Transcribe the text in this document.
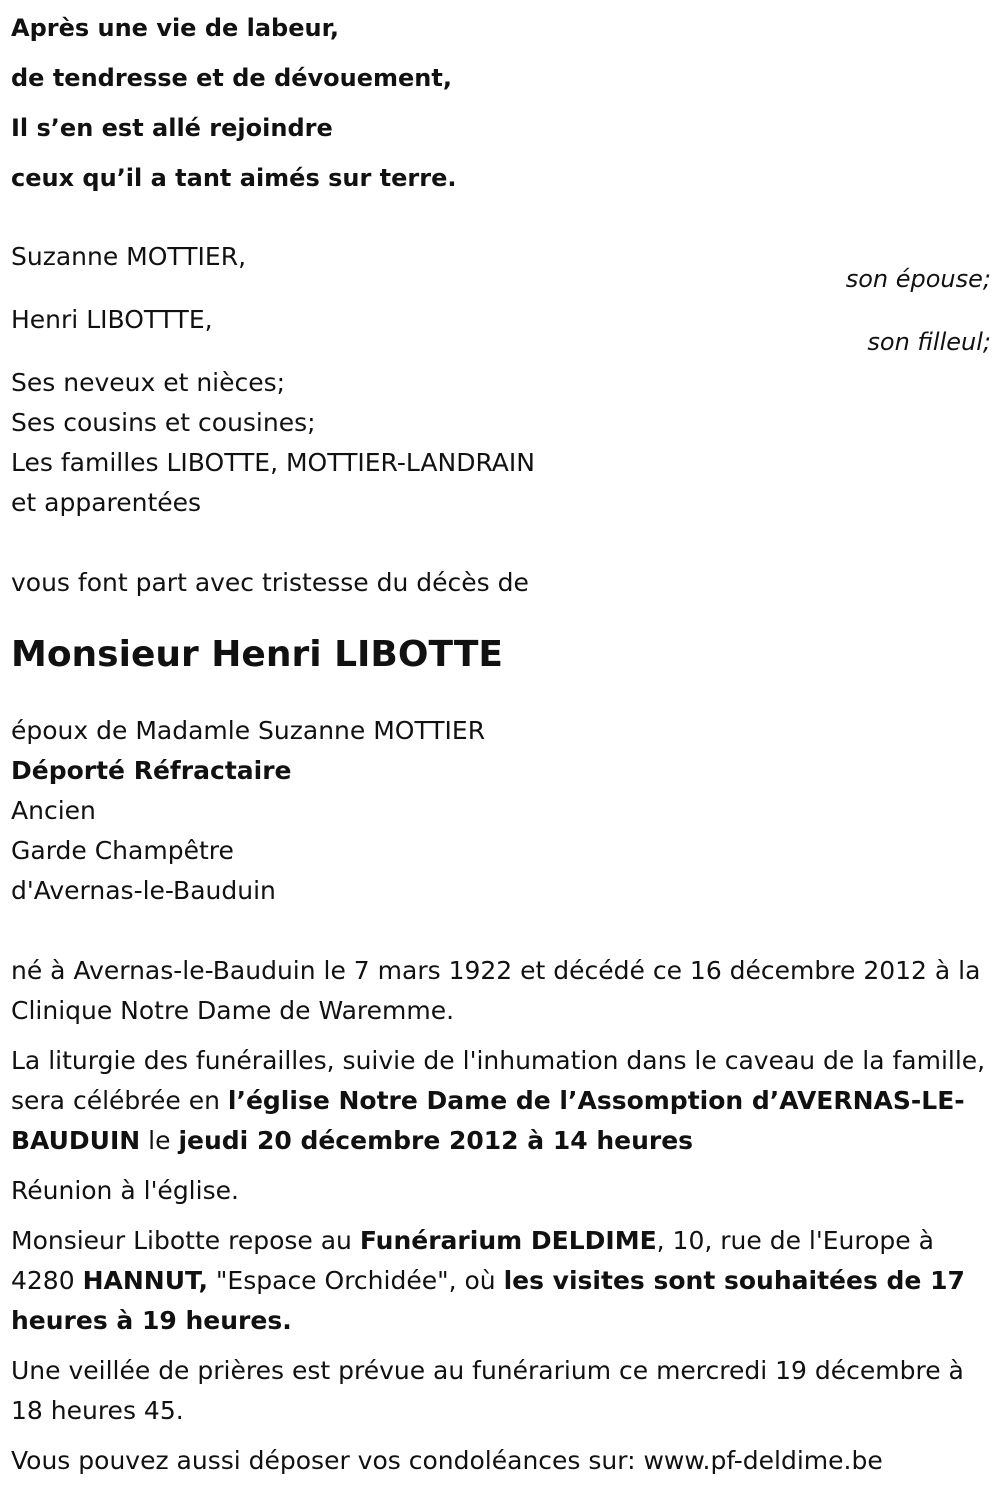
Après une vie de labeur,
de tendresse et de dévouement,
Il s’en est allé rejoindre
ceux qu’il a tant aimés sur terre.
Suzanne MOTTIER,
son épouse;
Henri LIBOTTTE,
son filleul;
Ses neveux et nièces;
Ses cousins et cousines;
Les familles LIBOTTE, MOTTIER-LANDRAIN
et apparentées
vous font part avec tristesse du décès de
Monsieur Henri LIBOTTE
époux de Madamle Suzanne MOTTIER
Déporté Réfractaire
Ancien
Garde Champêtre
d'Avernas-le-Bauduin
né à Avernas-le-Bauduin le 7 mars 1922 et décédé ce 16 décembre 2012 à la Clinique Notre Dame de Waremme.
La liturgie des funérailles, suivie de l'inhumation dans le caveau de la famille, sera célébrée en l’église Notre Dame de l’Assomption d’AVERNAS-LE-BAUDUIN le jeudi 20 décembre 2012 à 14 heures
Réunion à l'église.
Monsieur Libotte repose au Funérarium DELDIME, 10, rue de l'Europe à 4280 HANNUT, "Espace Orchidée", où les visites sont souhaitées de 17 heures à 19 heures.
Une veillée de prières est prévue au funérarium ce mercredi 19 décembre à 18 heures 45.
Vous pouvez aussi déposer vos condoléances sur: www.pf-deldime.be
